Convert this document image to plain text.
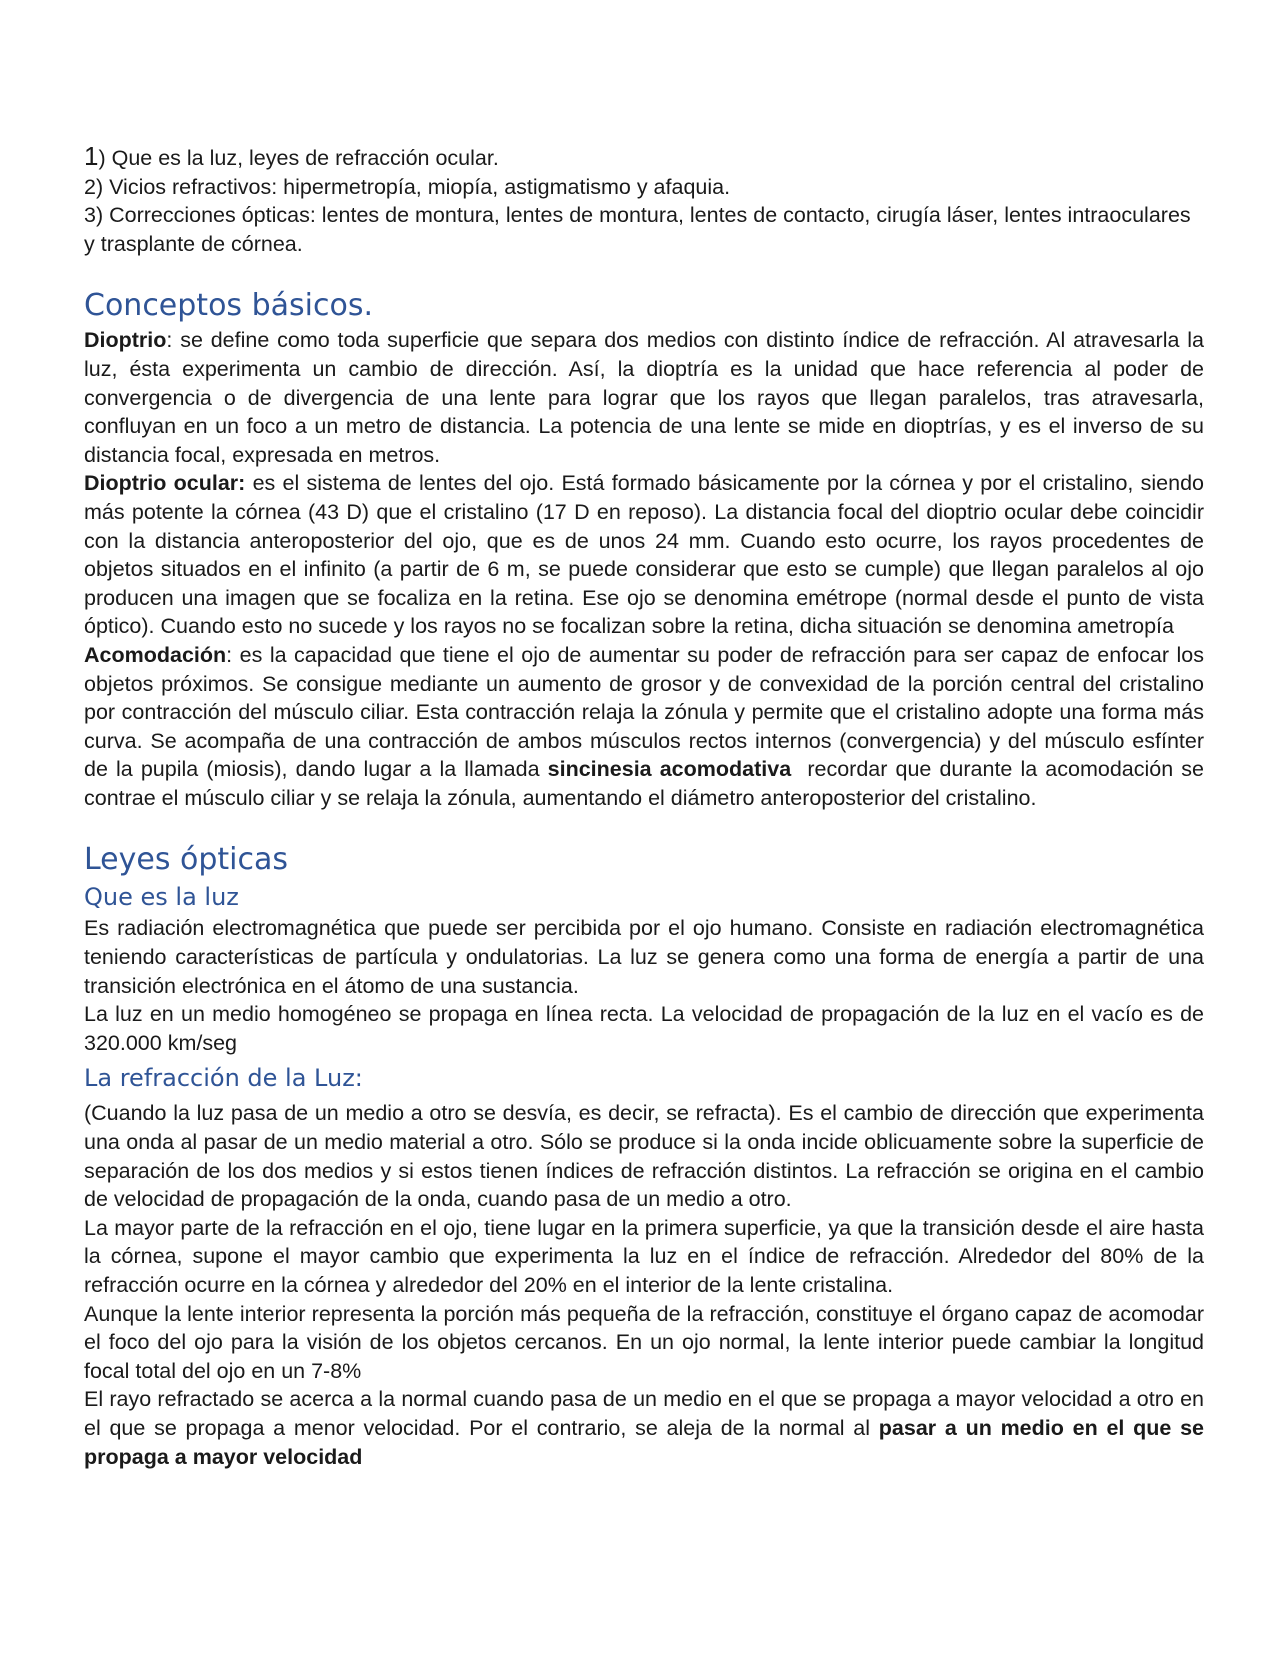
1) Que es la luz, leyes de refracción ocular.

2) Vicios refractivos: hipermetropía, miopía, astigmatismo y afaquia.

3) Correcciones ópticas: lentes de montura, lentes de montura, lentes de contacto, cirugía láser, lentes intraoculares y trasplante de córnea.

Conceptos básicos.

Dioptrio: se define como toda superficie que separa dos medios con distinto índice de refracción. Al atravesarla la luz, ésta experimenta un cambio de dirección. Así, la dioptría es la unidad que hace referencia al poder de convergencia o de divergencia de una lente para lograr que los rayos que llegan paralelos, tras atravesarla, confluyan en un foco a un metro de distancia. La potencia de una lente se mide en dioptrías, y es el inverso de su distancia focal, expresada en metros.

Dioptrio ocular: es el sistema de lentes del ojo. Está formado básicamente por la córnea y por el cristalino, siendo más potente la córnea (43 D) que el cristalino (17 D en reposo). La distancia focal del dioptrio ocular debe coincidir con la distancia anteroposterior del ojo, que es de unos 24 mm. Cuando esto ocurre, los rayos procedentes de objetos situados en el infinito (a partir de 6 m, se puede considerar que esto se cumple) que llegan paralelos al ojo producen una imagen que se focaliza en la retina. Ese ojo se denomina emétrope (normal desde el punto de vista óptico). Cuando esto no sucede y los rayos no se focalizan sobre la retina, dicha situación se denomina ametropía

Acomodación: es la capacidad que tiene el ojo de aumentar su poder de refracción para ser capaz de enfocar los objetos próximos. Se consigue mediante un aumento de grosor y de convexidad de la porción central del cristalino por contracción del músculo ciliar. Esta contracción relaja la zónula y permite que el cristalino adopte una forma más curva. Se acompaña de una contracción de ambos músculos rectos internos (convergencia) y del músculo esfínter de la pupila (miosis), dando lugar a la llamada sincinesia acomodativa  recordar que durante la acomodación se contrae el músculo ciliar y se relaja la zónula, aumentando el diámetro anteroposterior del cristalino.

Leyes ópticas
Que es la luz

Es radiación electromagnética que puede ser percibida por el ojo humano. Consiste en radiación electromagnética teniendo características de partícula y ondulatorias. La luz se genera como una forma de energía a partir de una transición electrónica en el átomo de una sustancia.

La luz en un medio homogéneo se propaga en línea recta. La velocidad de propagación de la luz en el vacío es de 320.000 km/seg

La refracción de la Luz:

(Cuando la luz pasa de un medio a otro se desvía, es decir, se refracta). Es el cambio de dirección que experimenta una onda al pasar de un medio material a otro. Sólo se produce si la onda incide oblicuamente sobre la superficie de separación de los dos medios y si estos tienen índices de refracción distintos. La refracción se origina en el cambio de velocidad de propagación de la onda, cuando pasa de un medio a otro.

La mayor parte de la refracción en el ojo, tiene lugar en la primera superficie, ya que la transición desde el aire hasta la córnea, supone el mayor cambio que experimenta la luz en el índice de refracción. Alrededor del 80% de la refracción ocurre en la córnea y alrededor del 20% en el interior de la lente cristalina.

Aunque la lente interior representa la porción más pequeña de la refracción, constituye el órgano capaz de acomodar el foco del ojo para la visión de los objetos cercanos. En un ojo normal, la lente interior puede cambiar la longitud focal total del ojo en un 7-8%

El rayo refractado se acerca a la normal cuando pasa de un medio en el que se propaga a mayor velocidad a otro en el que se propaga a menor velocidad. Por el contrario, se aleja de la normal al pasar a un medio en el que se propaga a mayor velocidad
